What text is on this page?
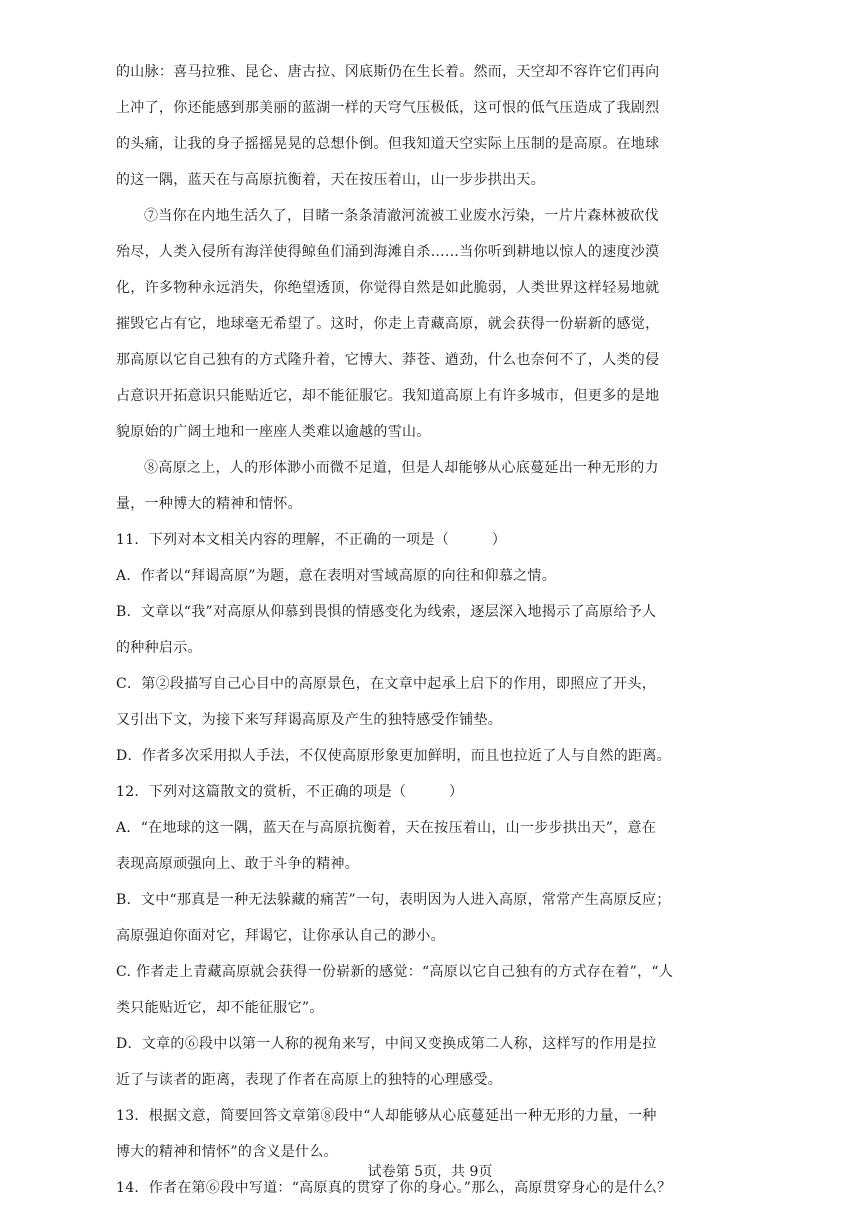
的山脉：喜马拉雅、昆仑、唐古拉、冈底斯仍在生长着。然而，天空却不容许它们再向
上冲了，你还能感到那美丽的蓝湖一样的天穹气压极低，这可恨的低气压造成了我剧烈
的头痛，让我的身子摇摇晃晃的总想仆倒。但我知道天空实际上压制的是高原。在地球
的这一隅，蓝天在与高原抗衡着，天在按压着山，山一步步拱出天。
⑦当你在内地生活久了，目睹一条条清澈河流被工业废水污染，一片片森林被砍伐
殆尽，人类入侵所有海洋使得鲸鱼们涌到海滩自杀……当你听到耕地以惊人的速度沙漠
化，许多物种永远消失，你绝望透顶，你觉得自然是如此脆弱，人类世界这样轻易地就
摧毁它占有它，地球毫无希望了。这时，你走上青藏高原，就会获得一份崭新的感觉，
那高原以它自己独有的方式隆升着，它博大、莽苍、遒劲，什么也奈何不了，人类的侵
占意识开拓意识只能贴近它，却不能征服它。我知道高原上有许多城市，但更多的是地
貌原始的广阔土地和一座座人类难以逾越的雪山。
⑧高原之上，人的形体渺小而微不足道，但是人却能够从心底蔓延出一种无形的力
量，一种博大的精神和情怀。
11．下列对本文相关内容的理解，不正确的一项是（　　　）
A．作者以“拜谒高原”为题，意在表明对雪域高原的向往和仰慕之情。
B．文章以“我”对高原从仰慕到畏惧的情感变化为线索，逐层深入地揭示了高原给予人
的种种启示。
C．第②段描写自己心目中的高原景色，在文章中起承上启下的作用，即照应了开头，
又引出下文，为接下来写拜谒高原及产生的独特感受作铺垫。
D．作者多次采用拟人手法，不仅使高原形象更加鲜明，而且也拉近了人与自然的距离。
12．下列对这篇散文的赏析，不正确的项是（　　　）
A．“在地球的这一隅，蓝天在与高原抗衡着，天在按压着山，山一步步拱出天”，意在
表现高原顽强向上、敢于斗争的精神。
B．文中“那真是一种无法躲藏的痛苦”一句，表明因为人进入高原，常常产生高原反应；
高原强迫你面对它，拜谒它，让你承认自己的渺小。
C. 作者走上青藏高原就会获得一份崭新的感觉：“高原以它自己独有的方式存在着”，“人
类只能贴近它，却不能征服它”。
D．文章的⑥段中以第一人称的视角来写，中间又变换成第二人称，这样写的作用是拉
近了与读者的距离，表现了作者在高原上的独特的心理感受。
13．根据文意，简要回答文章第⑧段中“人却能够从心底蔓延出一种无形的力量，一种
博大的精神和情怀”的含义是什么。
14．作者在第⑥段中写道：“高原真的贯穿了你的身心。”那么，高原贯穿身心的是什么？
试卷第 5页，共 9页
